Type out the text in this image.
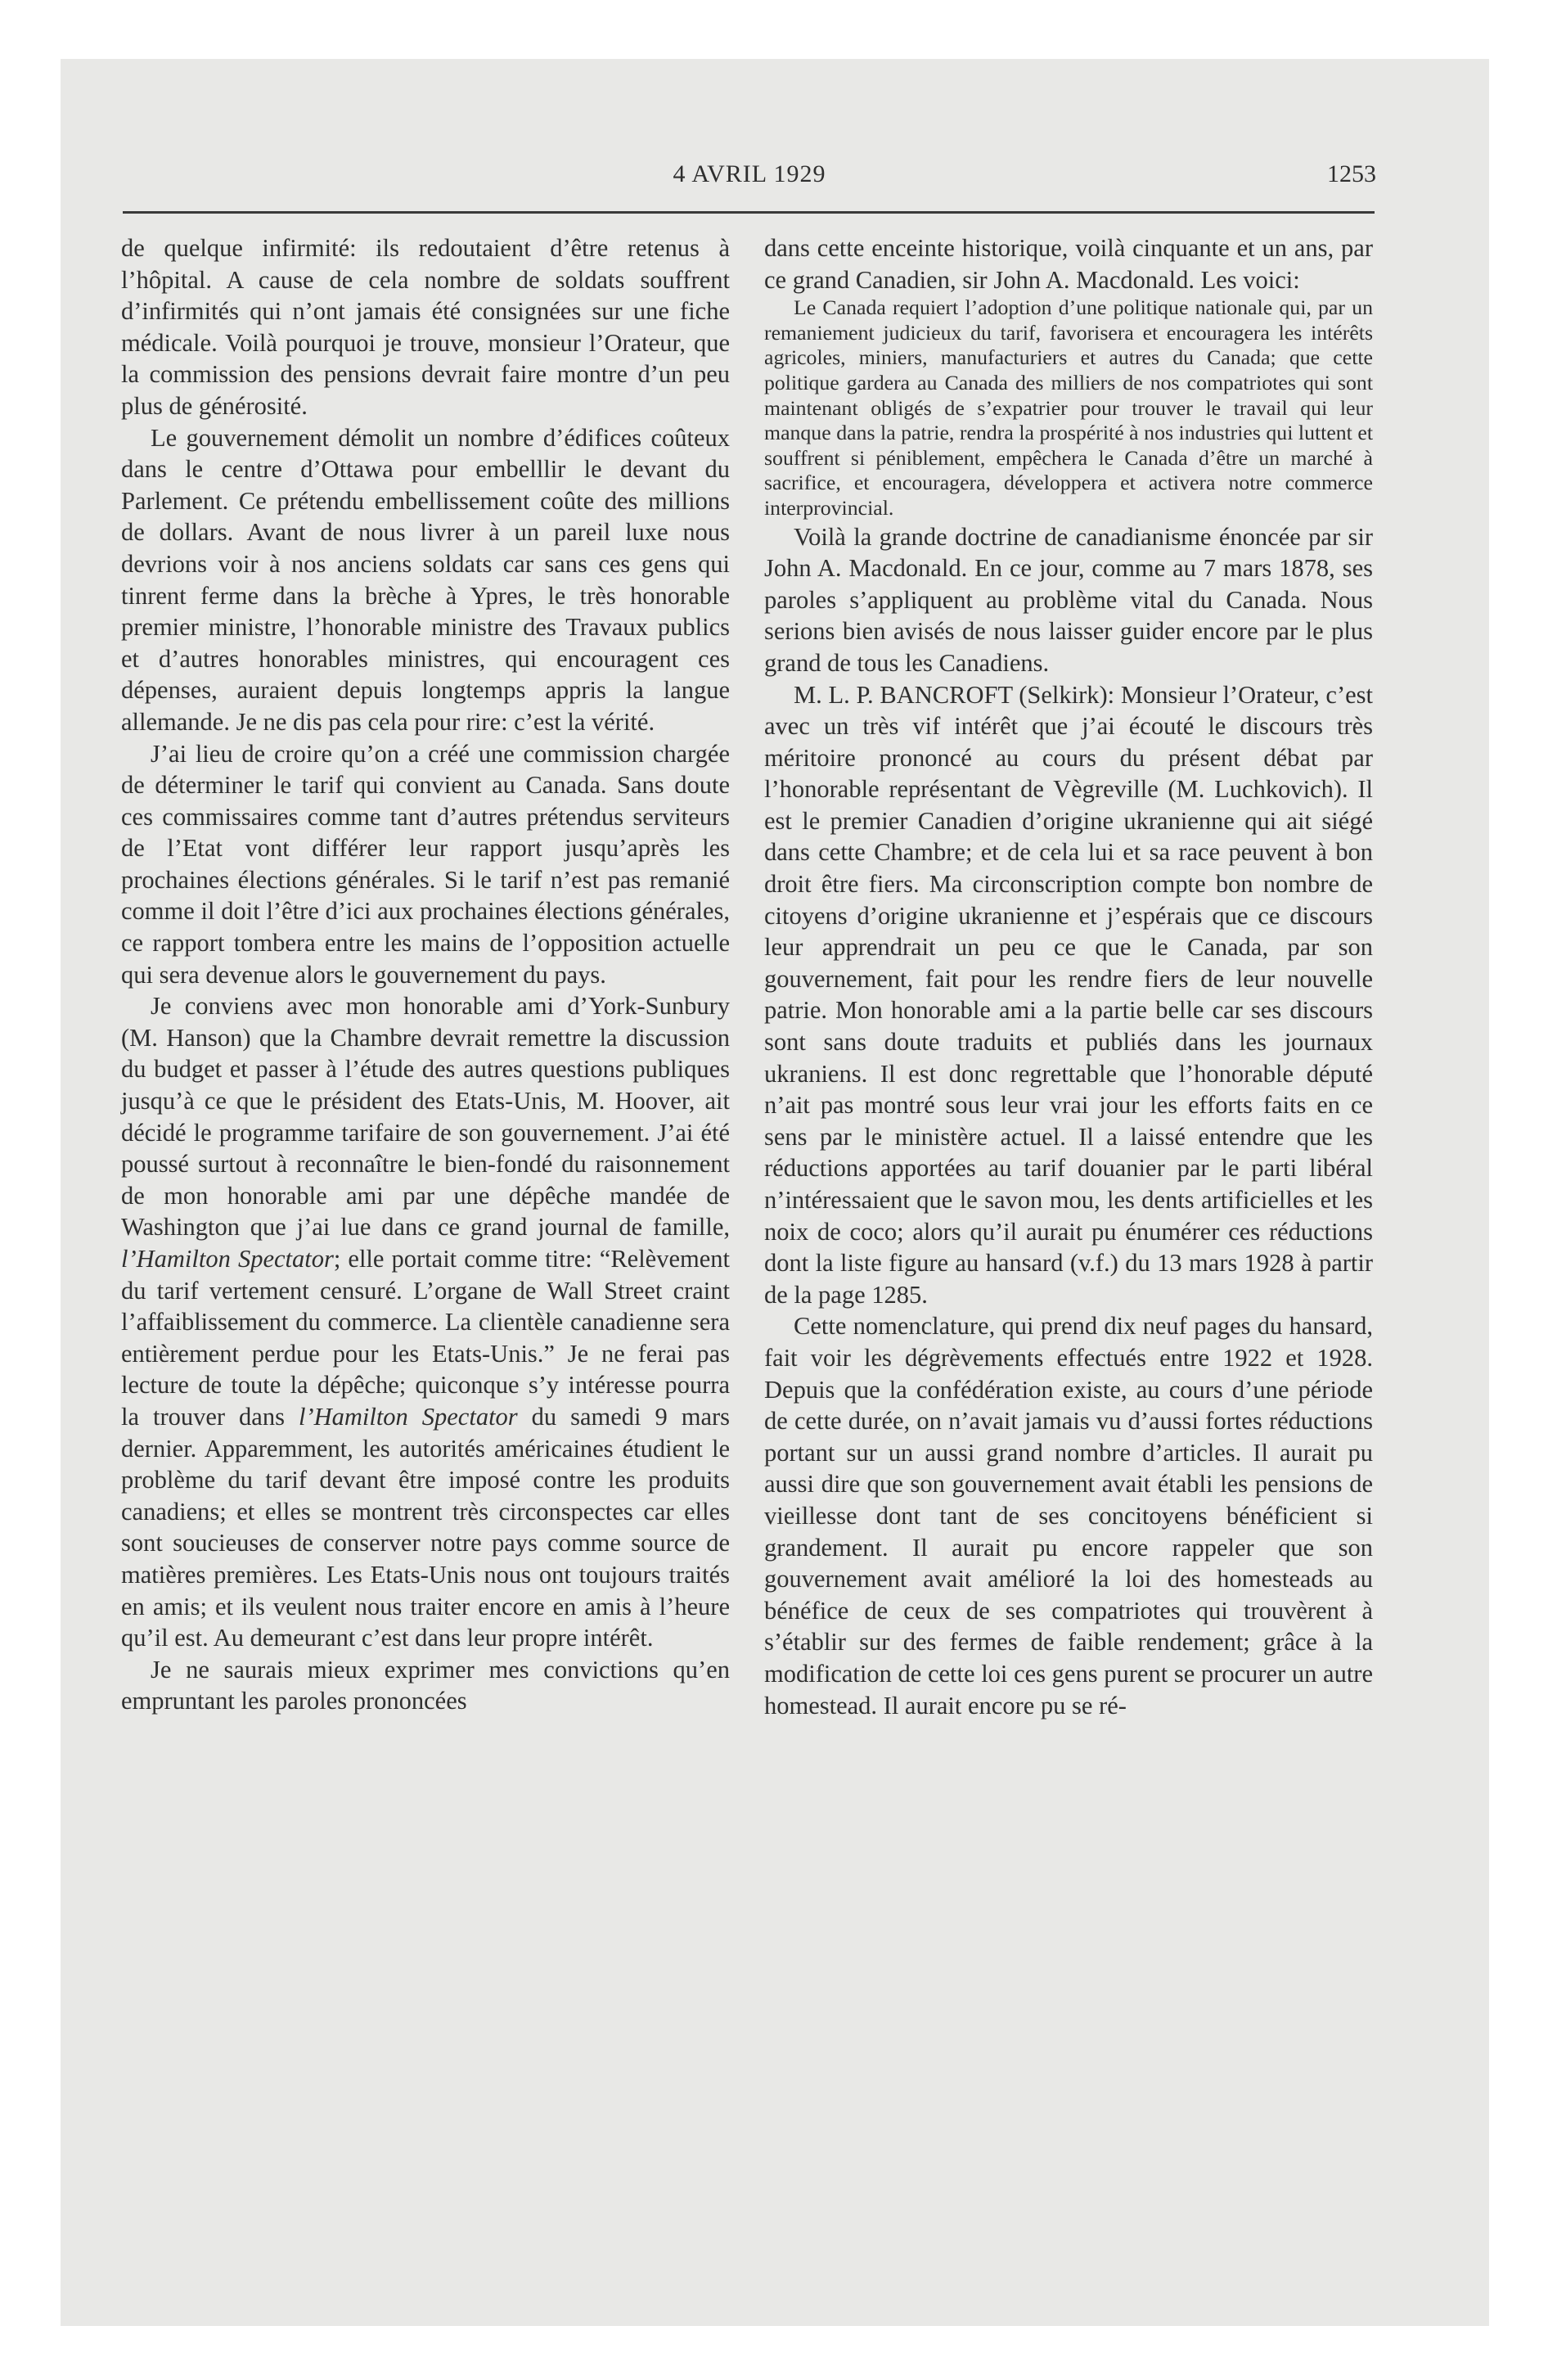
4 AVRIL 1929	1253

de quelque infirmité: ils redoutaient d’être retenus à l’hôpital. A cause de cela nombre de soldats souffrent d’infirmités qui n’ont jamais été consignées sur une fiche médicale. Voilà pourquoi je trouve, monsieur l’Orateur, que la commission des pensions devrait faire montre d’un peu plus de générosité.

Le gouvernement démolit un nombre d’édifices coûteux dans le centre d’Ottawa pour embelllir le devant du Parlement. Ce prétendu embellissement coûte des millions de dollars. Avant de nous livrer à un pareil luxe nous devrions voir à nos anciens soldats car sans ces gens qui tinrent ferme dans la brèche à Ypres, le très honorable premier ministre, l’honorable ministre des Travaux publics et d’autres honorables ministres, qui encouragent ces dépenses, auraient depuis longtemps appris la langue allemande. Je ne dis pas cela pour rire: c’est la vérité.

J’ai lieu de croire qu’on a créé une commission chargée de déterminer le tarif qui convient au Canada. Sans doute ces commissaires comme tant d’autres prétendus serviteurs de l’Etat vont différer leur rapport jusqu’après les prochaines élections générales. Si le tarif n’est pas remanié comme il doit l’être d’ici aux prochaines élections générales, ce rapport tombera entre les mains de l’opposition actuelle qui sera devenue alors le gouvernement du pays.

Je conviens avec mon honorable ami d’York-Sunbury (M. Hanson) que la Chambre devrait remettre la discussion du budget et passer à l’étude des autres questions publiques jusqu’à ce que le président des Etats-Unis, M. Hoover, ait décidé le programme tarifaire de son gouvernement. J’ai été poussé surtout à reconnaître le bien-fondé du raisonnement de mon honorable ami par une dépêche mandée de Washington que j’ai lue dans ce grand journal de famille, l’Hamilton Spectator; elle portait comme titre: “Relèvement du tarif vertement censuré. L’organe de Wall Street craint l’affaiblissement du commerce. La clientèle canadienne sera entièrement perdue pour les Etats-Unis.” Je ne ferai pas lecture de toute la dépêche; quiconque s’y intéresse pourra la trouver dans l’Hamilton Spectator du samedi 9 mars dernier. Apparemment, les autorités américaines étudient le problème du tarif devant être imposé contre les produits canadiens; et elles se montrent très circonspectes car elles sont soucieuses de conserver notre pays comme source de matières premières. Les Etats-Unis nous ont toujours traités en amis; et ils veulent nous traiter encore en amis à l’heure qu’il est. Au demeurant c’est dans leur propre intérêt.

Je ne saurais mieux exprimer mes convictions qu’en empruntant les paroles prononcées

dans cette enceinte historique, voilà cinquante et un ans, par ce grand Canadien, sir John A. Macdonald. Les voici:

Le Canada requiert l’adoption d’une politique nationale qui, par un remaniement judicieux du tarif, favorisera et encouragera les intérêts agricoles, miniers, manufacturiers et autres du Canada; que cette politique gardera au Canada des milliers de nos compatriotes qui sont maintenant obligés de s’expatrier pour trouver le travail qui leur manque dans la patrie, rendra la prospérité à nos industries qui luttent et souffrent si péniblement, empêchera le Canada d’être un marché à sacrifice, et encouragera, développera et activera notre commerce interprovincial.

Voilà la grande doctrine de canadianisme énoncée par sir John A. Macdonald. En ce jour, comme au 7 mars 1878, ses paroles s’appliquent au problème vital du Canada. Nous serions bien avisés de nous laisser guider encore par le plus grand de tous les Canadiens.

M. L. P. BANCROFT (Selkirk): Monsieur l’Orateur, c’est avec un très vif intérêt que j’ai écouté le discours très méritoire prononcé au cours du présent débat par l’honorable représentant de Vègreville (M. Luchkovich). Il est le premier Canadien d’origine ukranienne qui ait siégé dans cette Chambre; et de cela lui et sa race peuvent à bon droit être fiers. Ma circonscription compte bon nombre de citoyens d’origine ukranienne et j’espérais que ce discours leur apprendrait un peu ce que le Canada, par son gouvernement, fait pour les rendre fiers de leur nouvelle patrie. Mon honorable ami a la partie belle car ses discours sont sans doute traduits et publiés dans les journaux ukraniens. Il est donc regrettable que l’honorable député n’ait pas montré sous leur vrai jour les efforts faits en ce sens par le ministère actuel. Il a laissé entendre que les réductions apportées au tarif douanier par le parti libéral n’intéressaient que le savon mou, les dents artificielles et les noix de coco; alors qu’il aurait pu énumérer ces réductions dont la liste figure au hansard (v.f.) du 13 mars 1928 à partir de la page 1285.

Cette nomenclature, qui prend dix neuf pages du hansard, fait voir les dégrèvements effectués entre 1922 et 1928. Depuis que la confédération existe, au cours d’une période de cette durée, on n’avait jamais vu d’aussi fortes réductions portant sur un aussi grand nombre d’articles. Il aurait pu aussi dire que son gouvernement avait établi les pensions de vieillesse dont tant de ses concitoyens bénéficient si grandement. Il aurait pu encore rappeler que son gouvernement avait amélioré la loi des homesteads au bénéfice de ceux de ses compatriotes qui trouvèrent à s’établir sur des fermes de faible rendement; grâce à la modification de cette loi ces gens purent se procurer un autre homestead. Il aurait encore pu se ré-
